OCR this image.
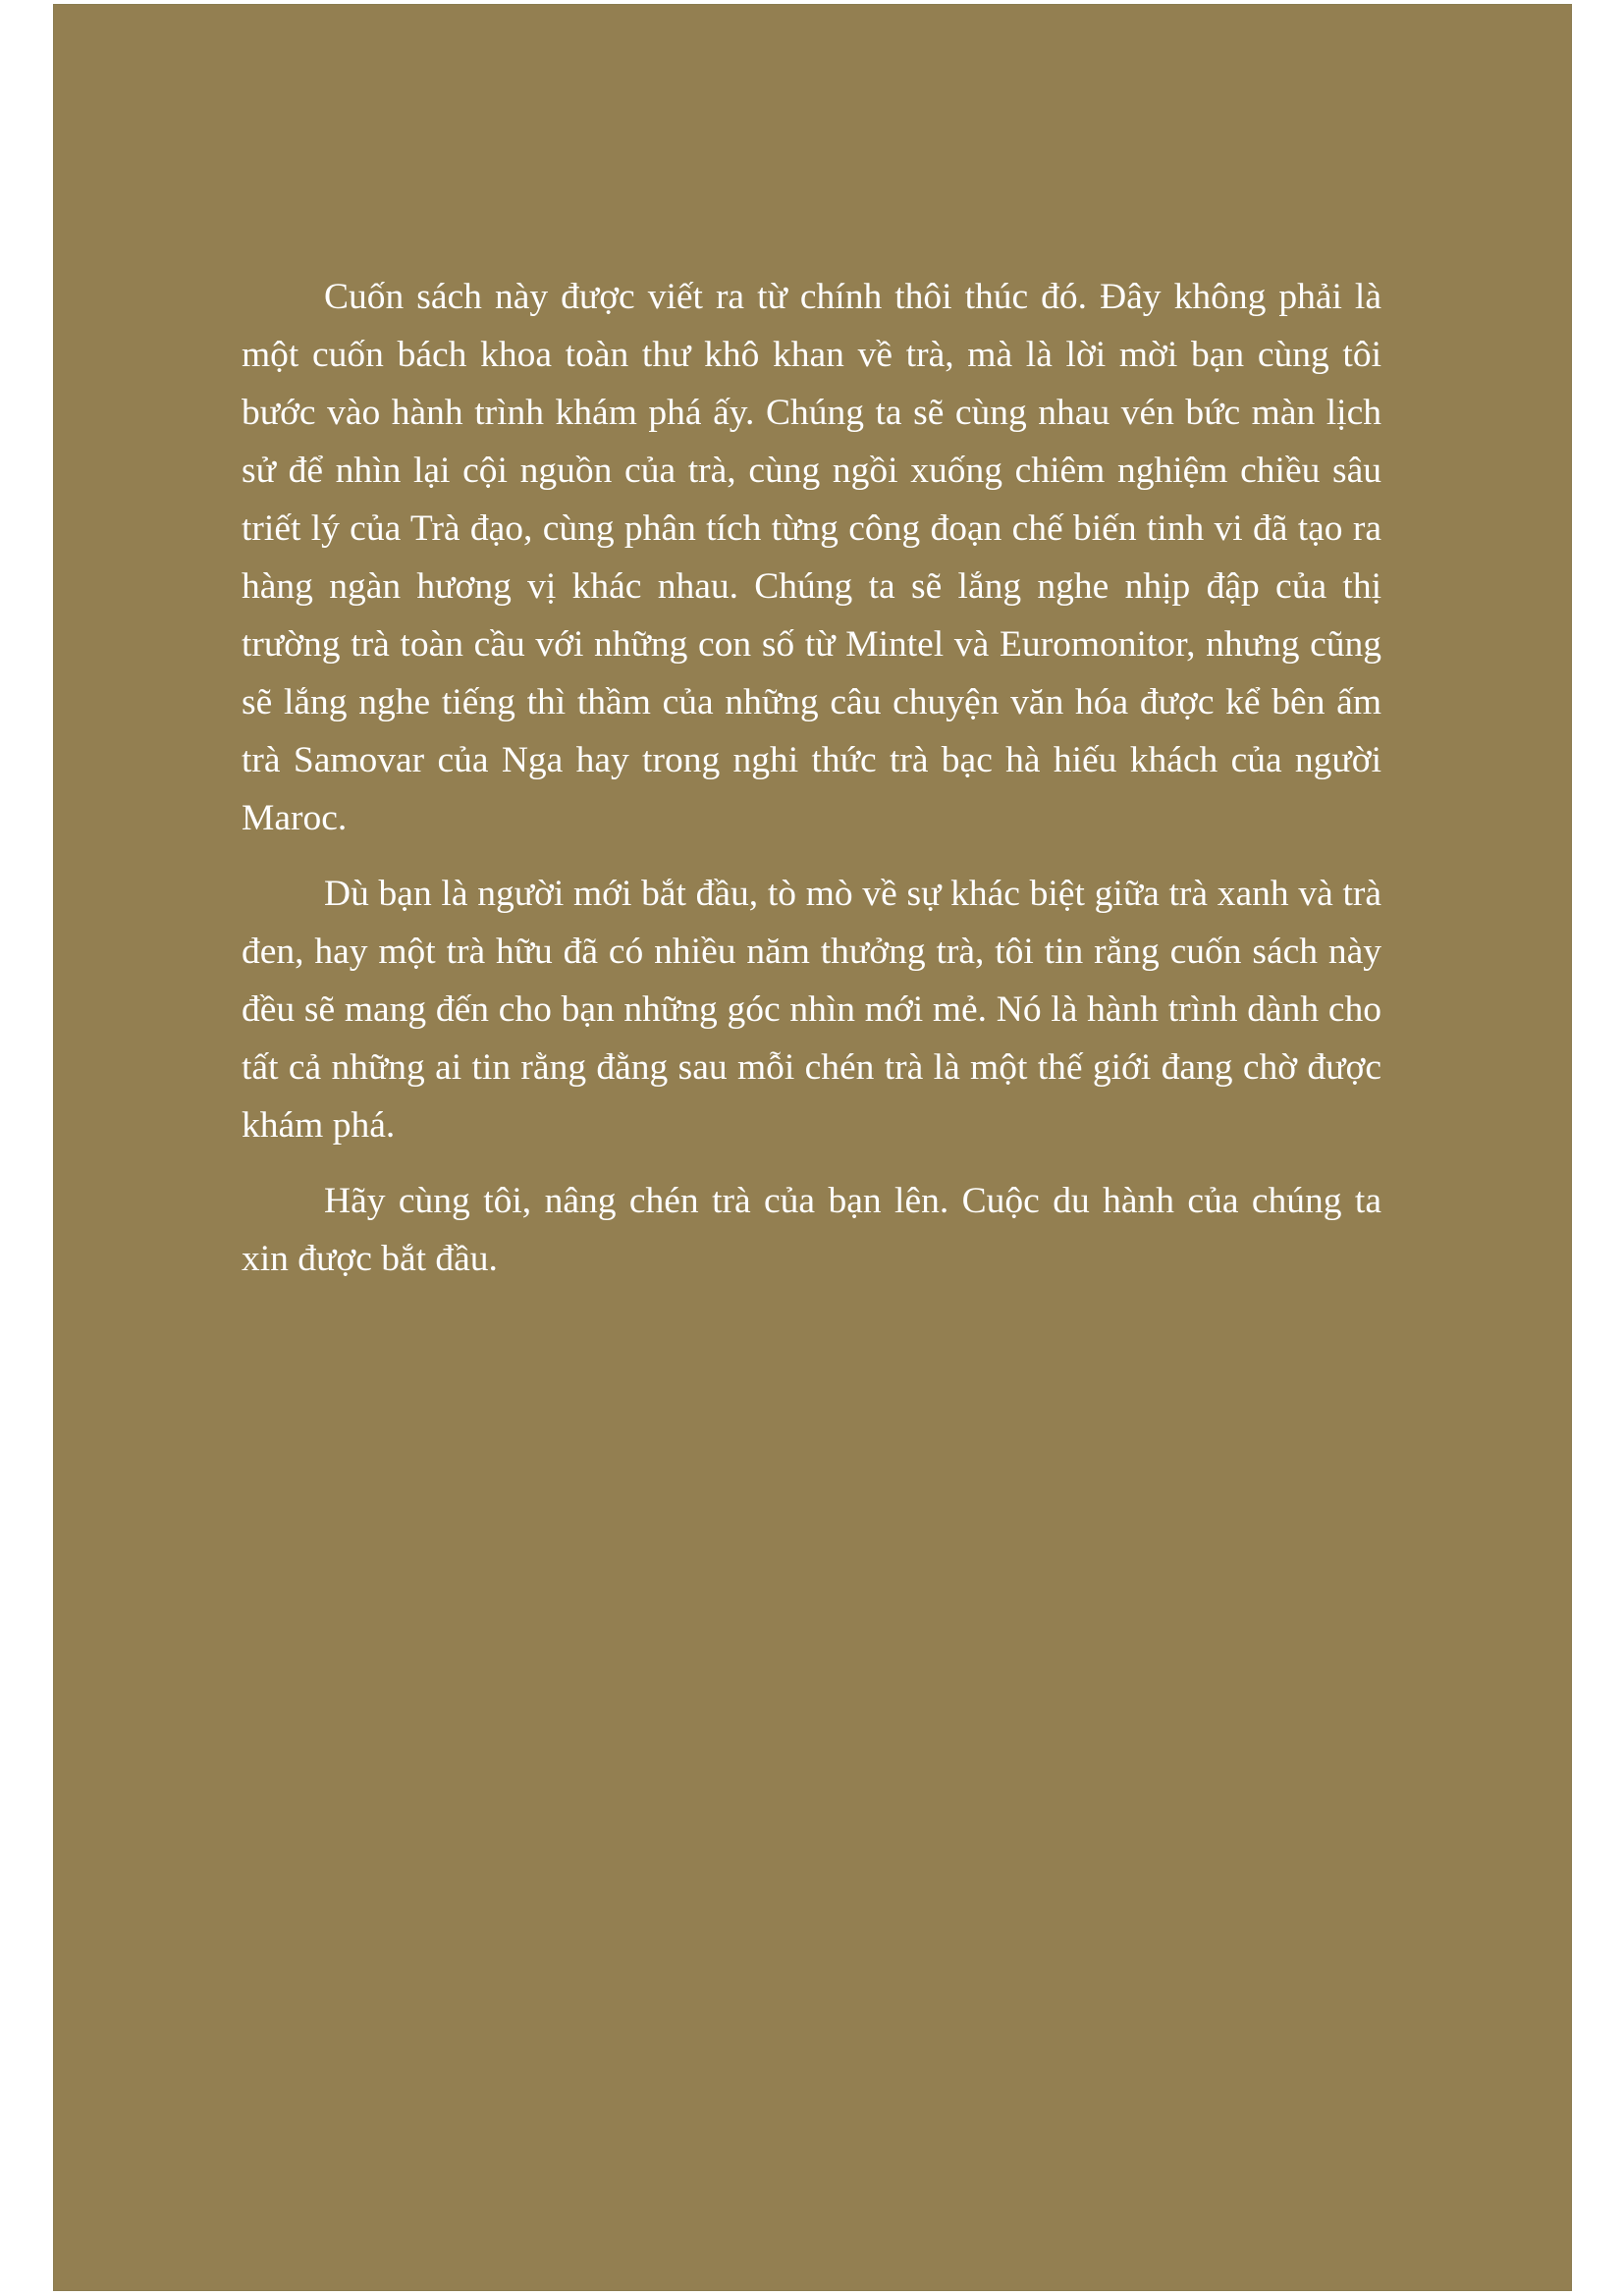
Cuốn sách này được viết ra từ chính thôi thúc đó. Đây không phải là một cuốn bách khoa toàn thư khô khan về trà, mà là lời mời bạn cùng tôi bước vào hành trình khám phá ấy. Chúng ta sẽ cùng nhau vén bức màn lịch sử để nhìn lại cội nguồn của trà, cùng ngồi xuống chiêm nghiệm chiều sâu triết lý của Trà đạo, cùng phân tích từng công đoạn chế biến tinh vi đã tạo ra hàng ngàn hương vị khác nhau. Chúng ta sẽ lắng nghe nhịp đập của thị trường trà toàn cầu với những con số từ Mintel và Euromonitor, nhưng cũng sẽ lắng nghe tiếng thì thầm của những câu chuyện văn hóa được kể bên ấm trà Samovar của Nga hay trong nghi thức trà bạc hà hiếu khách của người Maroc.

Dù bạn là người mới bắt đầu, tò mò về sự khác biệt giữa trà xanh và trà đen, hay một trà hữu đã có nhiều năm thưởng trà, tôi tin rằng cuốn sách này đều sẽ mang đến cho bạn những góc nhìn mới mẻ. Nó là hành trình dành cho tất cả những ai tin rằng đằng sau mỗi chén trà là một thế giới đang chờ được khám phá.

Hãy cùng tôi, nâng chén trà của bạn lên. Cuộc du hành của chúng ta xin được bắt đầu.
